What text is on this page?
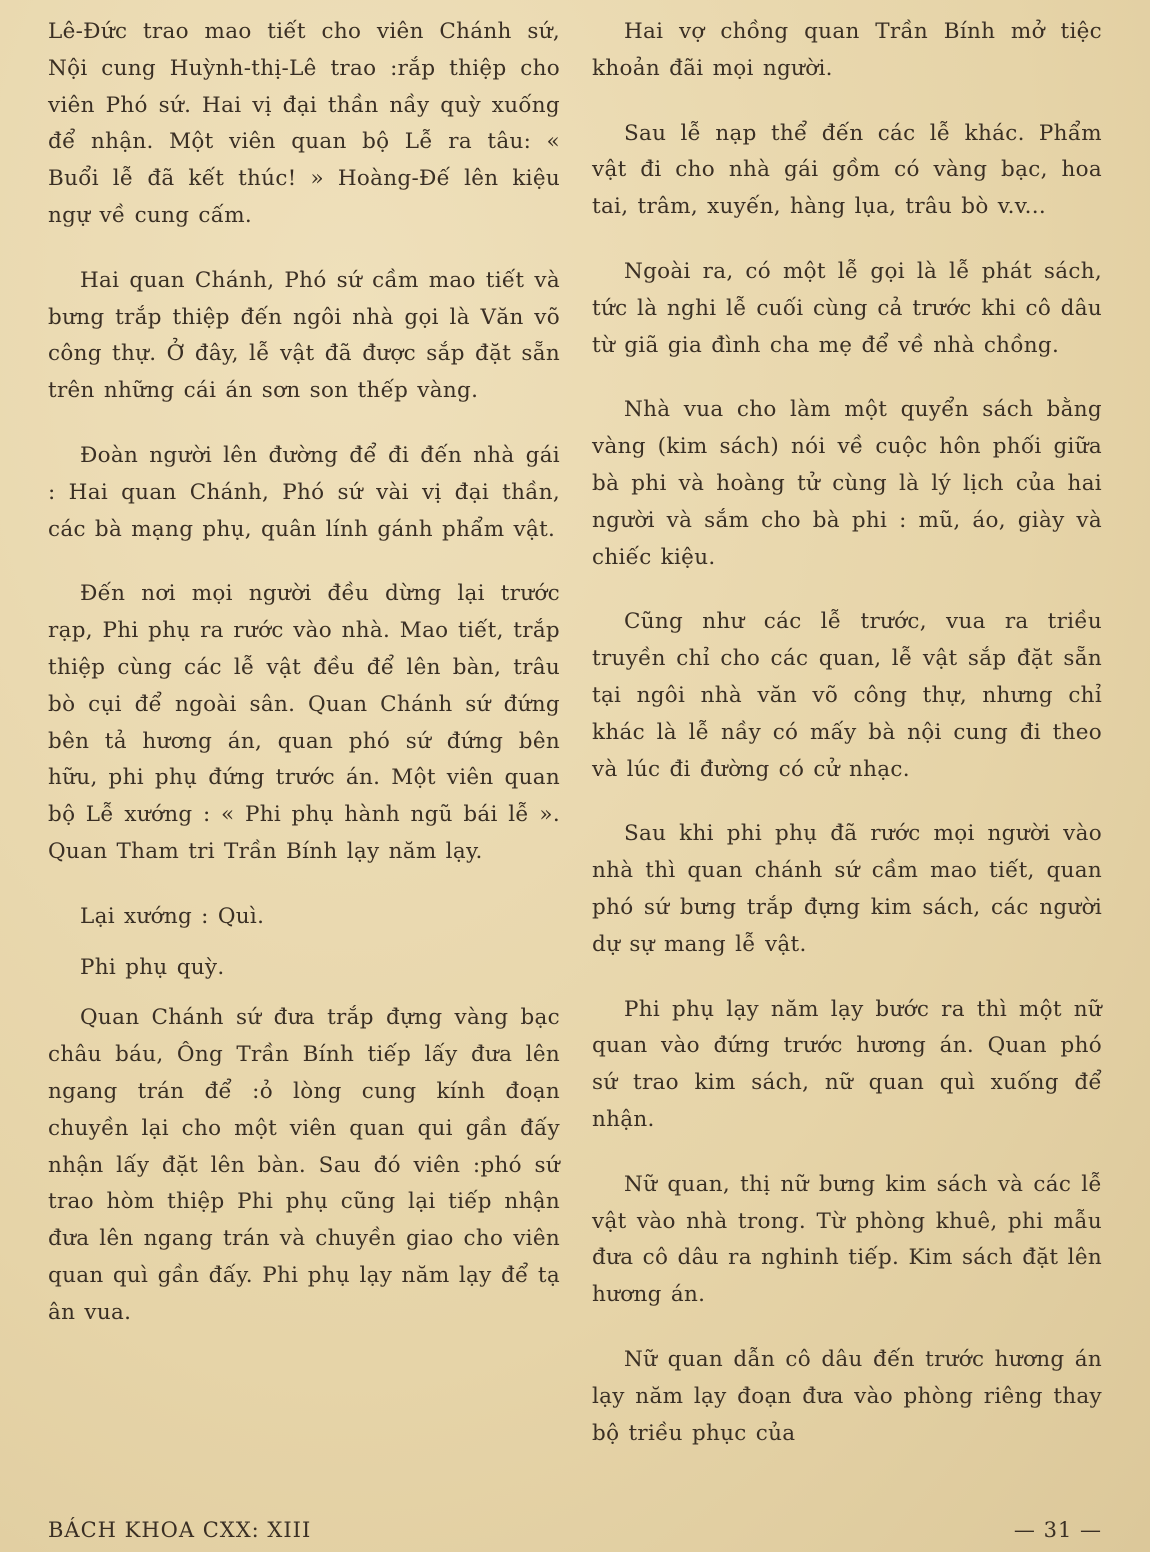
Lê-Đức trao mao tiết cho viên Chánh sứ, Nội cung Huỳnh-thị-Lê trao :rắp thiệp cho viên Phó sứ. Hai vị đại thần nầy quỳ xuống để nhận. Một viên quan bộ Lễ ra tâu: « Buổi lễ đã kết thúc! » Hoàng-Đế lên kiệu ngự về cung cấm.

Hai quan Chánh, Phó sứ cầm mao tiết và bưng trắp thiệp đến ngôi nhà gọi là Văn võ công thự. Ở đây, lễ vật đã được sắp đặt sẵn trên những cái án sơn son thếp vàng.

Đoàn người lên đường để đi đến nhà gái : Hai quan Chánh, Phó sứ vài vị đại thần, các bà mạng phụ, quân lính gánh phẩm vật.

Đến nơi mọi người đều dừng lại trước rạp, Phi phụ ra rước vào nhà. Mao tiết, trắp thiệp cùng các lễ vật đều để lên bàn, trâu bò cụi để ngoài sân. Quan Chánh sứ đứng bên tả hương án, quan phó sứ đứng bên hữu, phi phụ đứng trước án. Một viên quan bộ Lễ xướng : « Phi phụ hành ngũ bái lễ ». Quan Tham tri Trần Bính lạy năm lạy.

Lại xướng : Quì.

Phi phụ quỳ.

Quan Chánh sứ đưa trắp đựng vàng bạc châu báu, Ông Trần Bính tiếp lấy đưa lên ngang trán để :ỏ lòng cung kính đoạn chuyền lại cho một viên quan qui gần đấy nhận lấy đặt lên bàn. Sau đó viên :phó sứ trao hòm thiệp Phi phụ cũng lại tiếp nhận đưa lên ngang trán và chuyền giao cho viên quan quì gần đấy. Phi phụ lạy năm lạy để tạ ân vua.

Hai vợ chồng quan Trần Bính mở tiệc khoản đãi mọi người.

Sau lễ nạp thể đến các lễ khác. Phẩm vật đi cho nhà gái gồm có vàng bạc, hoa tai, trâm, xuyến, hàng lụa, trâu bò v.v...

Ngoài ra, có một lễ gọi là lễ phát sách, tức là nghi lễ cuối cùng cả trước khi cô dâu từ giã gia đình cha mẹ để về nhà chồng.

Nhà vua cho làm một quyển sách bằng vàng (kim sách) nói về cuộc hôn phối giữa bà phi và hoàng tử cùng là lý lịch của hai người và sắm cho bà phi : mũ, áo, giày và chiếc kiệu.

Cũng như các lễ trước, vua ra triều truyền chỉ cho các quan, lễ vật sắp đặt sẵn tại ngôi nhà văn võ công thự, nhưng chỉ khác là lễ nầy có mấy bà nội cung đi theo và lúc đi đường có cử nhạc.

Sau khi phi phụ đã rước mọi người vào nhà thì quan chánh sứ cầm mao tiết, quan phó sứ bưng trắp đựng kim sách, các người dự sự mang lễ vật.

Phi phụ lạy năm lạy bước ra thì một nữ quan vào đứng trước hương án. Quan phó sứ trao kim sách, nữ quan quì xuống để nhận.

Nữ quan, thị nữ bưng kim sách và các lễ vật vào nhà trong. Từ phòng khuê, phi mẫu đưa cô dâu ra nghinh tiếp. Kim sách đặt lên hương án.

Nữ quan dẫn cô dâu đến trước hương án lạy năm lạy đoạn đưa vào phòng riêng thay bộ triều phục của

BÁCH KHOA CXX: XIII	— 31 —
